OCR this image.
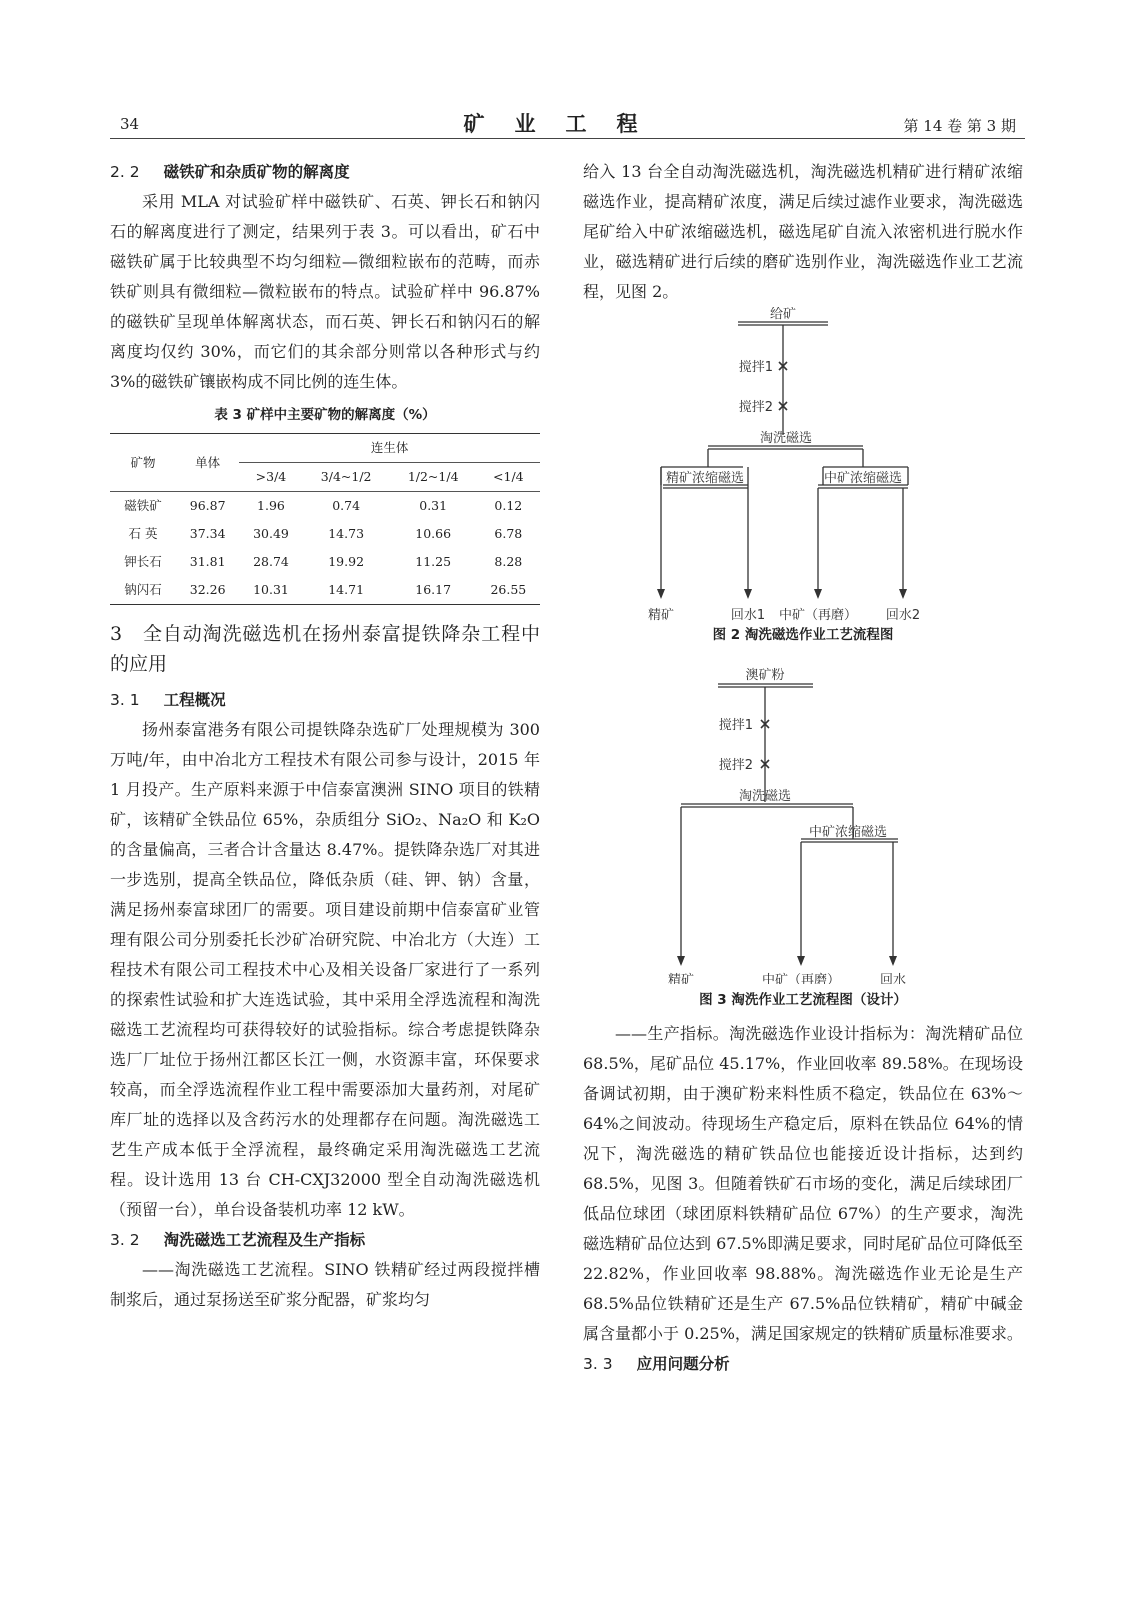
34	矿业工程	第 14 卷 第 3 期
2. 2 磁铁矿和杂质矿物的解离度

采用 MLA 对试验矿样中磁铁矿、石英、钾长石和钠闪石的解离度进行了测定，结果列于表 3。可以看出，矿石中磁铁矿属于比较典型不均匀细粒—微细粒嵌布的范畴，而赤铁矿则具有微细粒—微粒嵌布的特点。试验矿样中 96.87%的磁铁矿呈现单体解离状态，而石英、钾长石和钠闪石的解离度均仅约 30%，而它们的其余部分则常以各种形式与约 3%的磁铁矿镶嵌构成不同比例的连生体。

表 3 矿样中主要矿物的解离度（%）
矿物	单体	连生体			
		>3/4	3/4~1/2	1/2~1/4	<1/4
磁铁矿	96.87	1.96	0.74	0.31	0.12
石 英	37.34	30.49	14.73	10.66	6.78
钾长石	31.81	28.74	19.92	11.25	8.28
钠闪石	32.26	10.31	14.71	16.17	26.55
3 全自动淘洗磁选机在扬州泰富提铁降杂工程中的应用
3. 1 工程概况

扬州泰富港务有限公司提铁降杂选矿厂处理规模为 300 万吨/年，由中冶北方工程技术有限公司参与设计，2015 年 1 月投产。生产原料来源于中信泰富澳洲 SINO 项目的铁精矿，该精矿全铁品位 65%，杂质组分 SiO₂、Na₂O 和 K₂O 的含量偏高，三者合计含量达 8.47%。提铁降杂选厂对其进一步选别，提高全铁品位，降低杂质（硅、钾、钠）含量，满足扬州泰富球团厂的需要。项目建设前期中信泰富矿业管理有限公司分别委托长沙矿冶研究院、中冶北方（大连）工程技术有限公司工程技术中心及相关设备厂家进行了一系列的探索性试验和扩大连选试验，其中采用全浮选流程和淘洗磁选工艺流程均可获得较好的试验指标。综合考虑提铁降杂选厂厂址位于扬州江都区长江一侧，水资源丰富，环保要求较高，而全浮选流程作业工程中需要添加大量药剂，对尾矿库厂址的选择以及含药污水的处理都存在问题。淘洗磁选工艺生产成本低于全浮流程，最终确定采用淘洗磁选工艺流程。设计选用 13 台 CH-CXJ32000 型全自动淘洗磁选机（预留一台），单台设备装机功率 12 kW。

3. 2 淘洗磁选工艺流程及生产指标

——淘洗磁选工艺流程。SINO 铁精矿经过两段搅拌槽制浆后，通过泵扬送至矿浆分配器，矿浆均匀

给入 13 台全自动淘洗磁选机，淘洗磁选机精矿进行精矿浓缩磁选作业，提高精矿浓度，满足后续过滤作业要求，淘洗磁选尾矿给入中矿浓缩磁选机，磁选尾矿自流入浓密机进行脱水作业，磁选精矿进行后续的磨矿选别作业，淘洗磁选作业工艺流程，见图 2。

给矿
搅拌1
搅拌2
淘洗磁选
精矿浓缩磁选	中矿浓缩磁选
精矿	回水1 中矿（再磨） 回水2
图 2 淘洗磁选作业工艺流程图
澳矿粉
搅拌1
搅拌2
淘洗磁选
中矿浓缩磁选
精矿	中矿（再磨）	回水
图 3 淘洗作业工艺流程图（设计）

——生产指标。淘洗磁选作业设计指标为：淘洗精矿品位 68.5%，尾矿品位 45.17%，作业回收率 89.58%。在现场设备调试初期，由于澳矿粉来料性质不稳定，铁品位在 63%～64%之间波动。待现场生产稳定后，原料在铁品位 64%的情况下，淘洗磁选的精矿铁品位也能接近设计指标，达到约 68.5%，见图 3。但随着铁矿石市场的变化，满足后续球团厂低品位球团（球团原料铁精矿品位 67%）的生产要求，淘洗磁选精矿品位达到 67.5%即满足要求，同时尾矿品位可降低至 22.82%，作业回收率 98.88%。淘洗磁选作业无论是生产 68.5%品位铁精矿还是生产 67.5%品位铁精矿，精矿中碱金属含量都小于 0.25%，满足国家规定的铁精矿质量标准要求。

3. 3 应用问题分析
